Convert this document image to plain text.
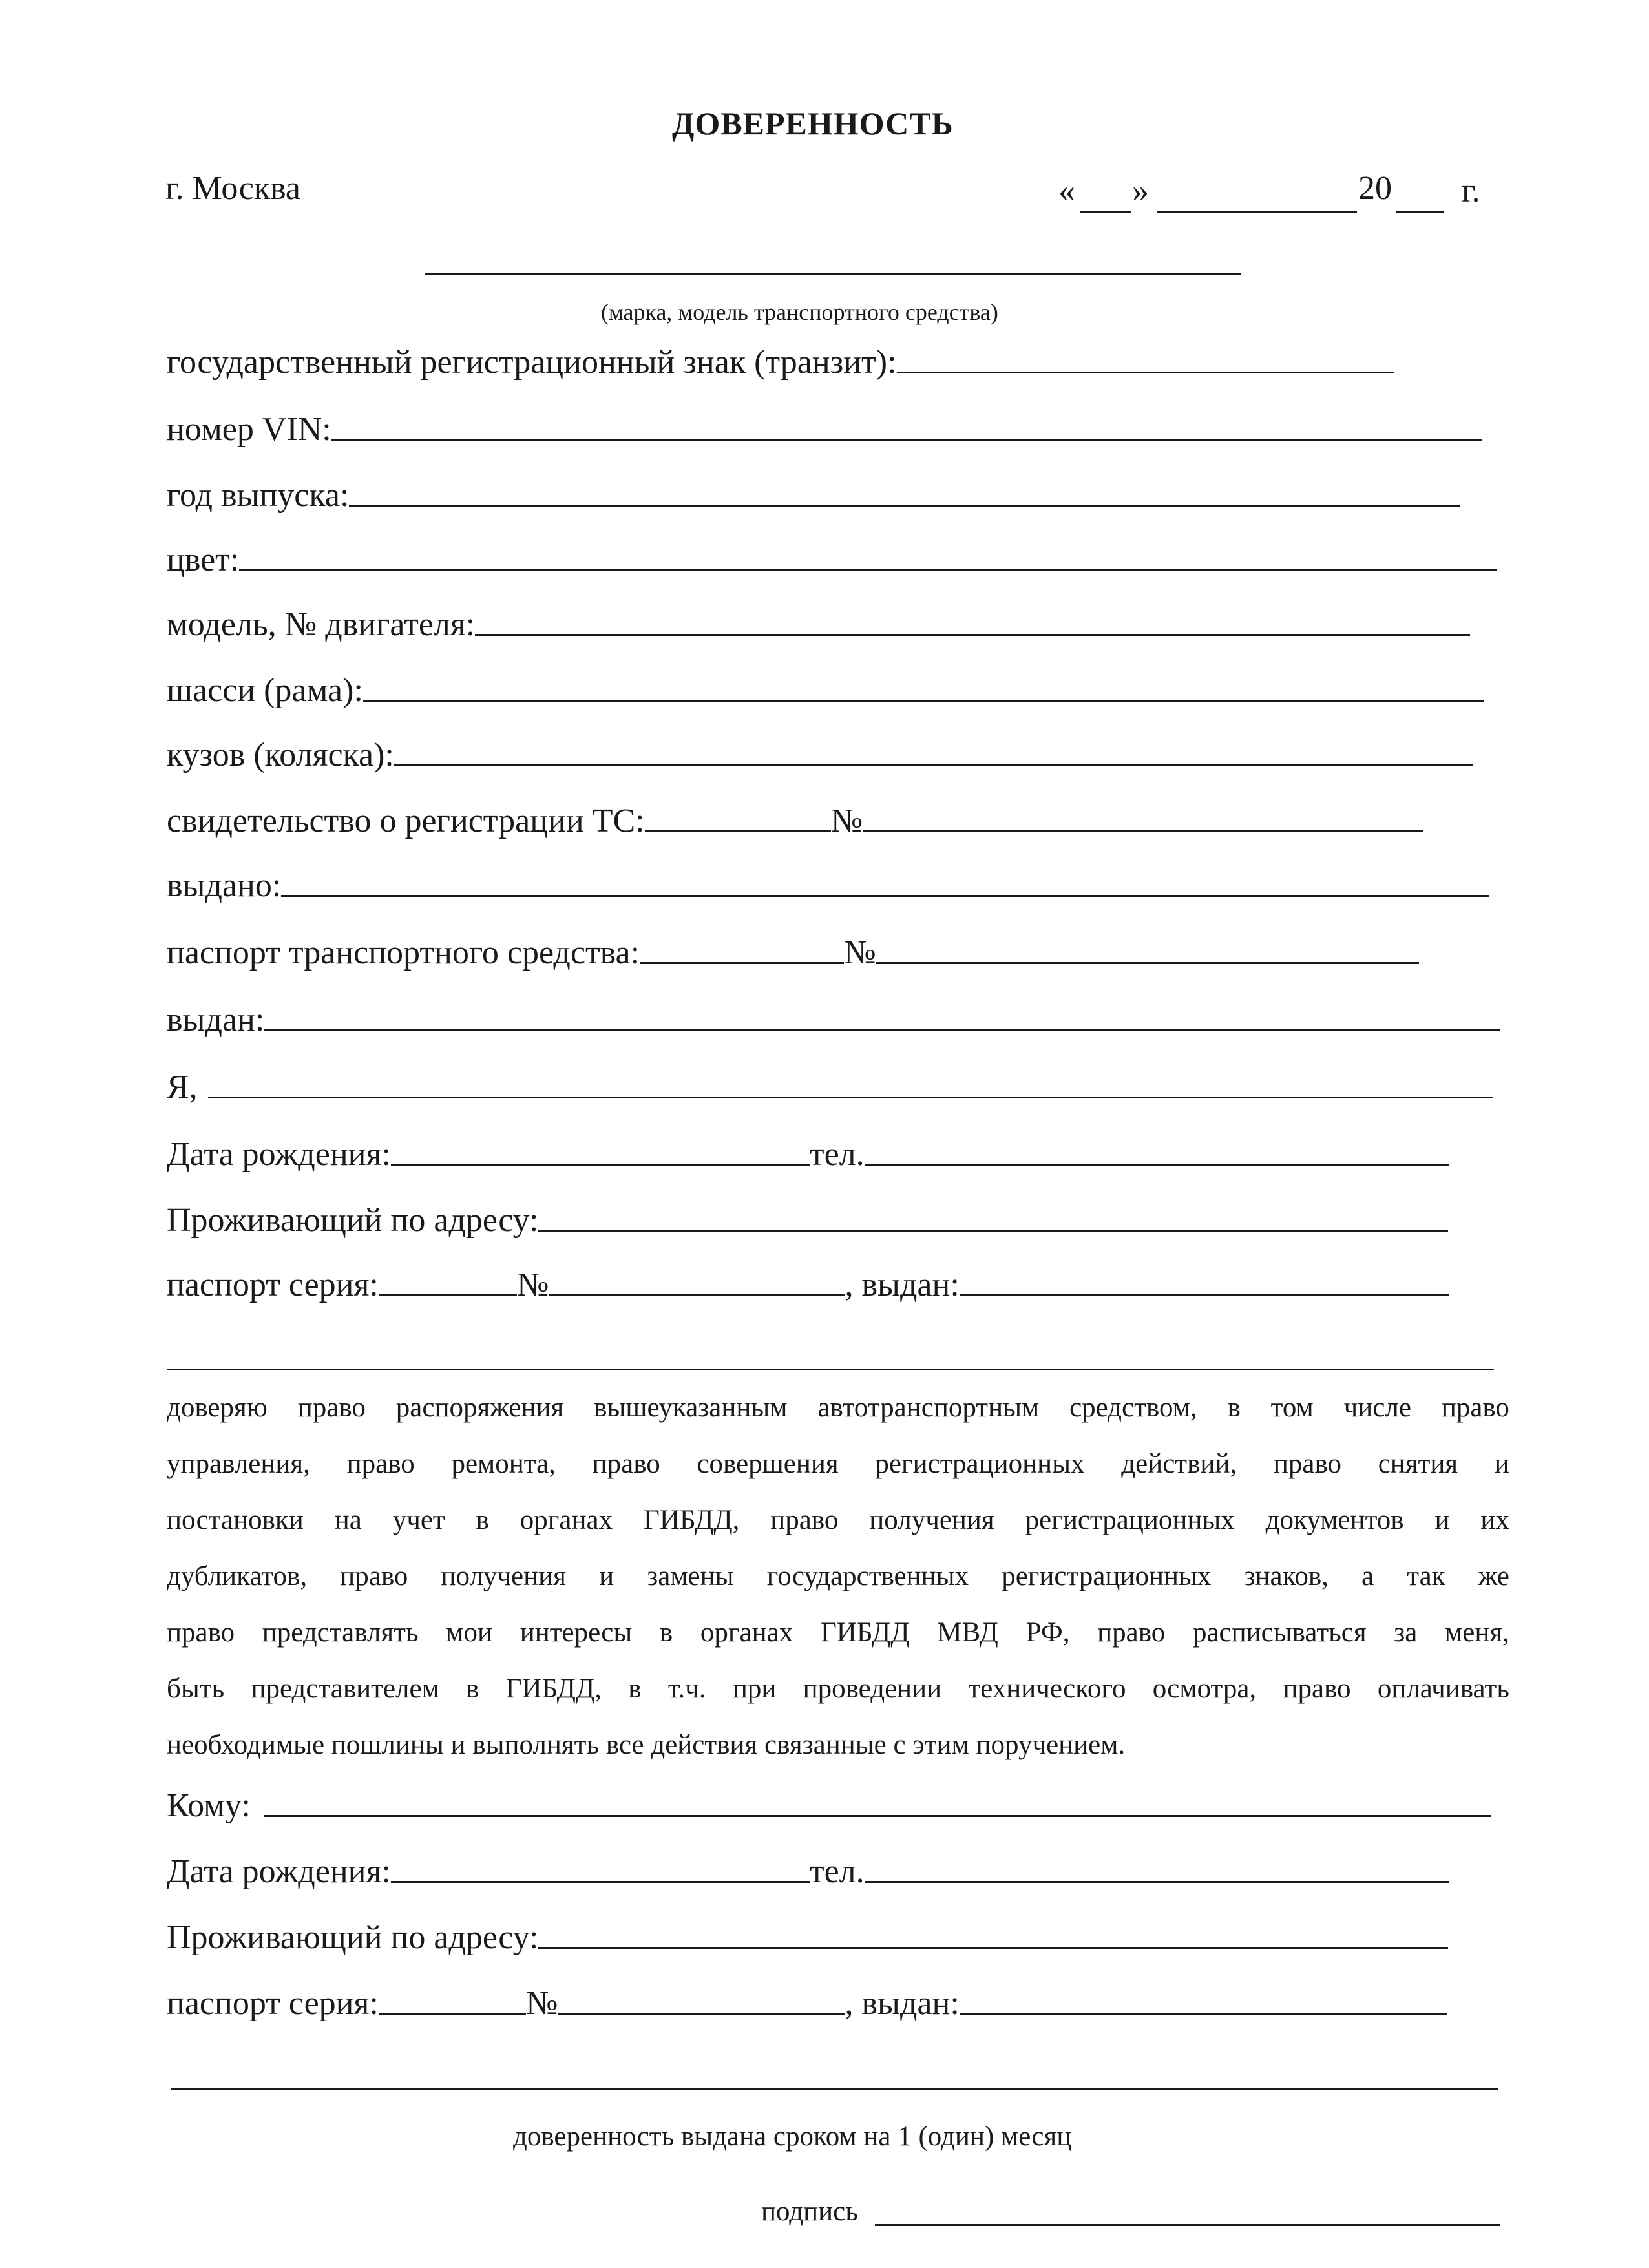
ДОВЕРЕННОСТЬ
г. Москва	« »	20 г.
(марка, модель транспортного средства)
государственный регистрационный знак (транзит):
номер VIN:
год выпуска:
цвет:
модель, № двигателя:
шасси (рама):
кузов (коляска):
свидетельство о регистрации ТС:	№
выдано:
паспорт транспортного средства:	№
выдан:
Я,
Дата рождения:	тел.
Проживающий по адресу:
паспорт серия:	№	, выдан:
доверяю право распоряжения вышеуказанным автотранспортным средством, в том числе право
управления, право ремонта, право совершения регистрационных действий, право снятия и
постановки на учет в органах ГИБДД, право получения регистрационных документов и их
дубликатов, право получения и замены государственных регистрационных знаков, а так же
право представлять мои интересы в органах ГИБДД МВД РФ, право расписываться за меня,
быть представителем в ГИБДД, в т.ч. при проведении технического осмотра, право оплачивать
необходимые пошлины и выполнять все действия связанные с этим поручением.
Кому:
Дата рождения:	тел.
Проживающий по адресу:
паспорт серия:	№	, выдан:
доверенность выдана сроком на 1 (один) месяц
подпись
